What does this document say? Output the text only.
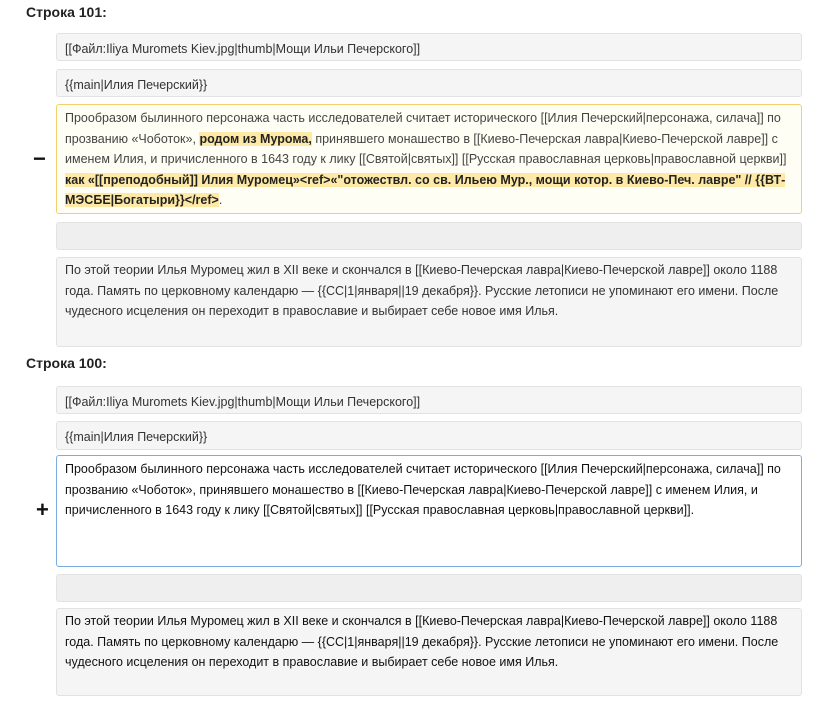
Строка 101:
[[Файл:Iliya Muromets Kiev.jpg|thumb|Мощи Ильи Печерского]]
{{main|Илия Печерский}}
−
Прообразом былинного персонажа часть исследователей считает исторического [[Илия Печерский|персонажа, силача]] по прозванию «Чоботок», родом из Мурома, принявшего монашество в [[Киево-Печерская лавра|Киево-Печерской лавре]] с именем Илия, и причисленного в 1643 году к лику [[Святой|святых]] [[Русская православная церковь|православной церкви]] как «[[преподобный]] Илия Муромец»<ref>«"отожествл. со св. Ильею Мур., мощи котор. в Киево-Печ. лавре" // {{ВТ-МЭСБЕ|Богатыри}}</ref>.
По этой теории Илья Муромец жил в XII веке и скончался в [[Киево-Печерская лавра|Киево-Печерской лавре]] около 1188 года. Память по церковному календарю — {{СС|1|января||19 декабря}}. Русские летописи не упоминают его имени. После чудесного исцеления он переходит в православие и выбирает себе новое имя Илья.
Строка 100:
[[Файл:Iliya Muromets Kiev.jpg|thumb|Мощи Ильи Печерского]]
{{main|Илия Печерский}}
+
Прообразом былинного персонажа часть исследователей считает исторического [[Илия Печерский|персонажа, силача]] по прозванию «Чоботок», принявшего монашество в [[Киево-Печерская лавра|Киево-Печерской лавре]] с именем Илия, и причисленного в 1643 году к лику [[Святой|святых]] [[Русская православная церковь|православной церкви]].
По этой теории Илья Муромец жил в XII веке и скончался в [[Киево-Печерская лавра|Киево-Печерской лавре]] около 1188 года. Память по церковному календарю — {{СС|1|января||19 декабря}}. Русские летописи не упоминают его имени. После чудесного исцеления он переходит в православие и выбирает себе новое имя Илья.
